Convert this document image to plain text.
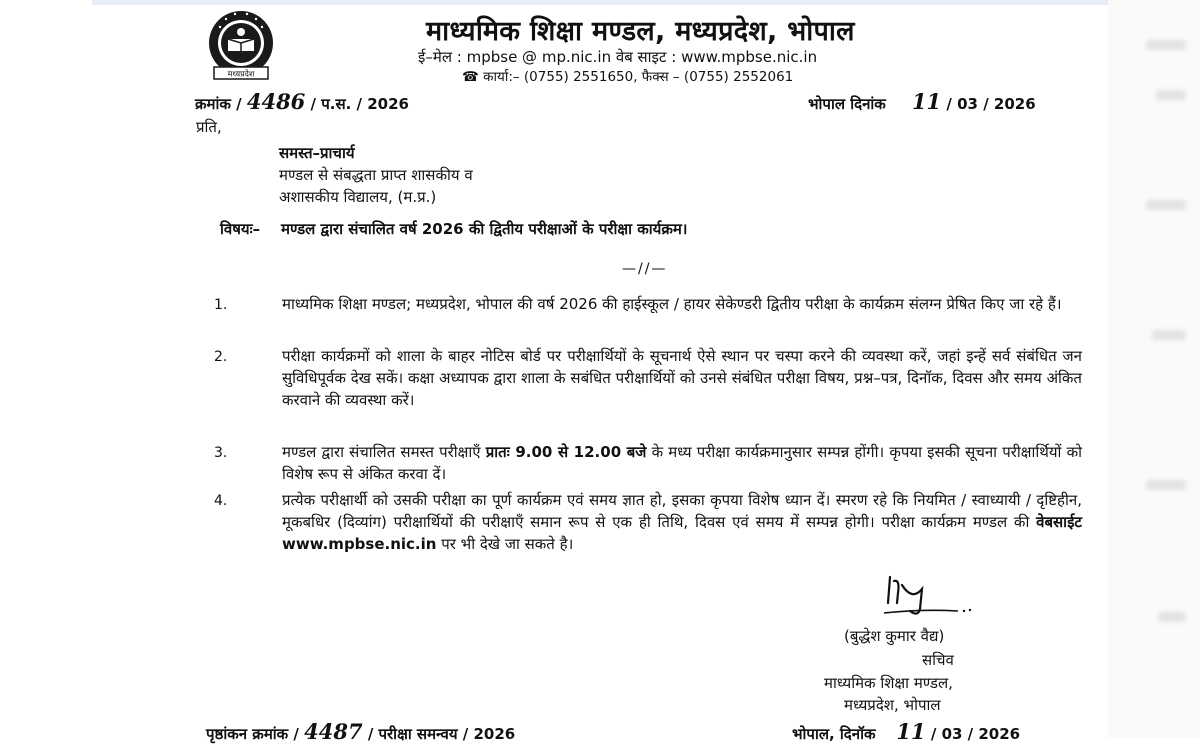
मध्यप्रदेश
माध्यमिक शिक्षा मण्डल, मध्यप्रदेश, भोपाल
ई–मेल : mpbse @ mp.nic.in वेब साइट : www.mpbse.nic.in
☎ कार्या:– (0755) 2551650, फैक्स – (0755) 2552061
क्रमांक / 4486 / प.स. / 2026	भोपाल दिनांक 11 / 03 / 2026
प्रति,
समस्त–प्राचार्य
मण्डल से संबद्धता प्राप्त शासकीय व
अशासकीय विद्यालय, (म.प्र.)
विषयः– मण्डल द्वारा संचालित वर्ष 2026 की द्वितीय परीक्षाओं के परीक्षा कार्यक्रम।
—//—
1.	माध्यमिक शिक्षा मण्डल; मध्यप्रदेश, भोपाल की वर्ष 2026 की हाईस्कूल / हायर सेकेण्डरी द्वितीय परीक्षा के कार्यक्रम संलग्न प्रेषित किए जा रहे हैं।
2.	परीक्षा कार्यक्रमों को शाला के बाहर नोटिस बोर्ड पर परीक्षार्थियों के सूचनार्थ ऐसे स्थान पर चस्पा करने की व्यवस्था करें, जहां इन्हें सर्व संबंधित जन सुविधिपूर्वक देख सकें। कक्षा अध्यापक द्वारा शाला के सबंधित परीक्षार्थियों को उनसे संबंधित परीक्षा विषय, प्रश्न–पत्र, दिनॉक, दिवस और समय अंकित करवाने की व्यवस्था करें।
3.	मण्डल द्वारा संचालित समस्त परीक्षाएँ प्रातः 9.00 से 12.00 बजे के मध्य परीक्षा कार्यक्रमानुसार सम्पन्न होंगी। कृपया इसकी सूचना परीक्षार्थियों को विशेष रूप से अंकित करवा दें।
4.	प्रत्येक परीक्षार्थी को उसकी परीक्षा का पूर्ण कार्यक्रम एवं समय ज्ञात हो, इसका कृपया विशेष ध्यान दें। स्मरण रहे कि नियमित / स्वाध्यायी / दृष्टिहीन, मूकबधिर (दिव्यांग) परीक्षार्थियों की परीक्षाएँ समान रूप से एक ही तिथि, दिवस एवं समय में सम्पन्न होगी। परीक्षा कार्यक्रम मण्डल की वेबसाईट www.mpbse.nic.in पर भी देखे जा सकते है।
(बुद्धेश कुमार वैद्य)
सचिव
माध्यमिक शिक्षा मण्डल,
मध्यप्रदेश, भोपाल
पृष्ठांकन क्रमांक / 4487 / परीक्षा समन्वय / 2026	भोपाल, दिनॉक 11 / 03 / 2026
